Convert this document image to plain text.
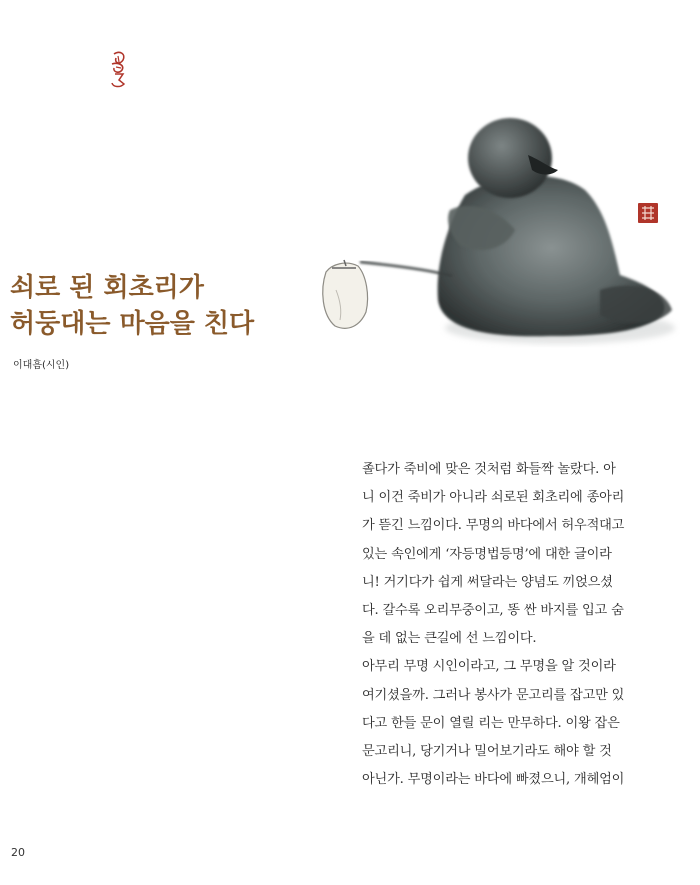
쇠로 된 회초리가
허둥대는 마음을 친다
이대흠(시인)
졸다가 죽비에 맞은 것처럼 화들짝 놀랐다. 아
니 이건 죽비가 아니라 쇠로된 회초리에 종아리
가 뜯긴 느낌이다. 무명의 바다에서 허우적대고
있는 속인에게 ‘자등명법등명’에 대한 글이라
니! 거기다가 쉽게 써달라는 양념도 끼얹으셨
다. 갈수록 오리무중이고, 똥 싼 바지를 입고 숨
을 데 없는 큰길에 선 느낌이다.
아무리 무명 시인이라고, 그 무명을 알 것이라
여기셨을까. 그러나 봉사가 문고리를 잡고만 있
다고 한들 문이 열릴 리는 만무하다. 이왕 잡은
문고리니, 당기거나 밀어보기라도 해야 할 것
아닌가. 무명이라는 바다에 빠졌으니, 개헤엄이
20
